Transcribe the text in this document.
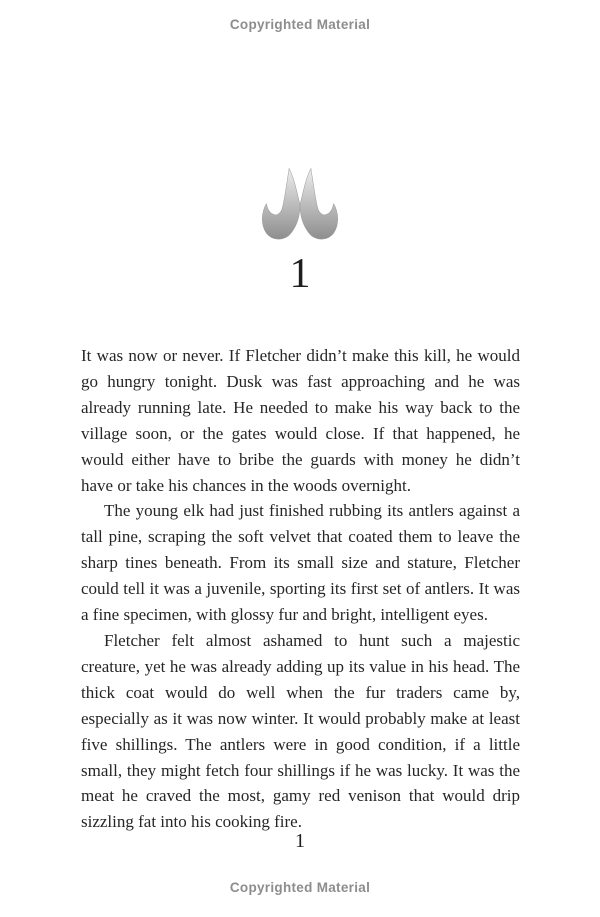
Copyrighted Material
1

It was now or never. If Fletcher didn’t make this kill, he would go hungry tonight. Dusk was fast approaching and he was already running late. He needed to make his way back to the village soon, or the gates would close. If that happened, he would either have to bribe the guards with money he didn’t have or take his chances in the woods overnight.

The young elk had just finished rubbing its antlers against a tall pine, scraping the soft velvet that coated them to leave the sharp tines beneath. From its small size and stature, Fletcher could tell it was a juvenile, sporting its first set of antlers. It was a fine specimen, with glossy fur and bright, intelligent eyes.

Fletcher felt almost ashamed to hunt such a majestic creature, yet he was already adding up its value in his head. The thick coat would do well when the fur traders came by, especially as it was now winter. It would probably make at least five shillings. The antlers were in good condition, if a little small, they might fetch four shillings if he was lucky. It was the meat he craved the most, gamy red venison that would drip sizzling fat into his cooking fire.

1
Copyrighted Material
